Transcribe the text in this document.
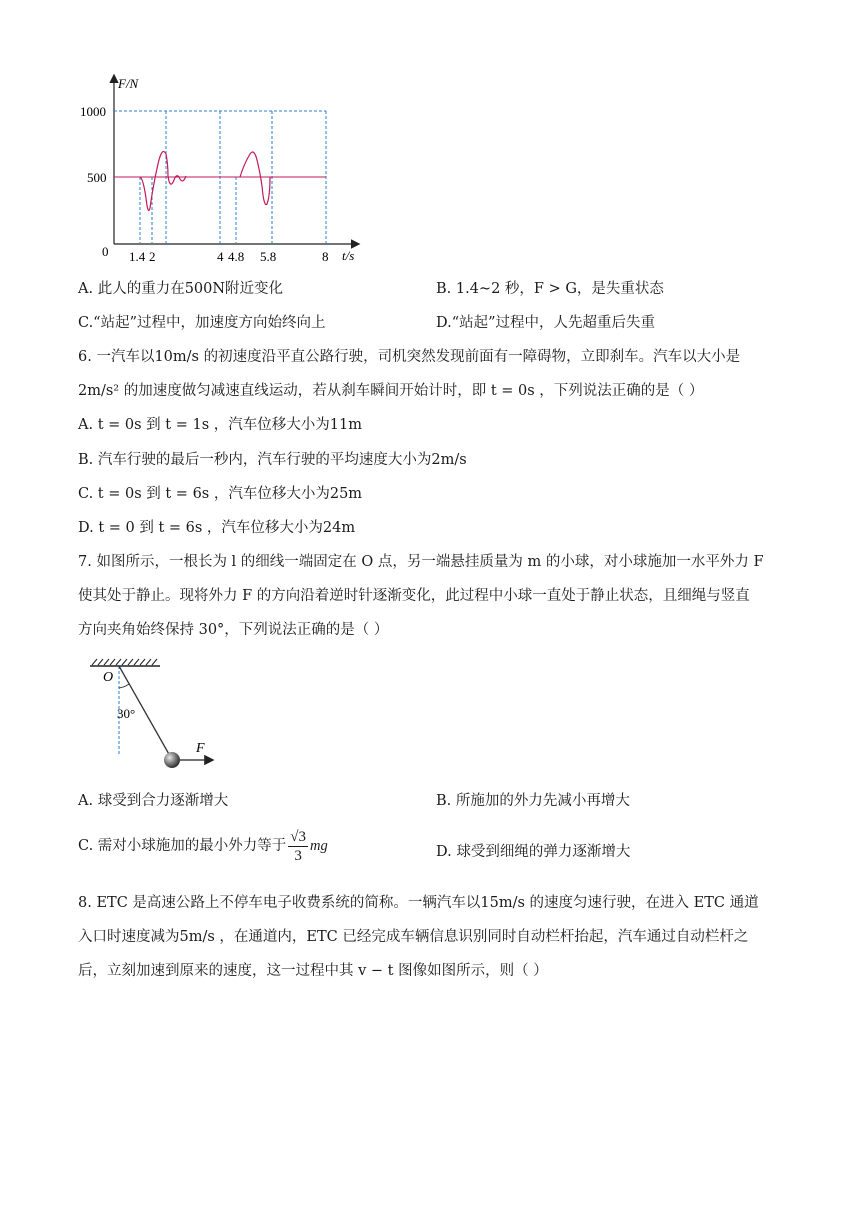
F/N
t/s
1000
500
0 1.4 2	4 4.8 5.8	8
A. 此人的重力在500N附近变化	B. 1.4~2 秒，F > G，是失重状态
C.“站起”过程中，加速度方向始终向上	D.“站起”过程中，人先超重后失重
6. 一汽车以10m/s 的初速度沿平直公路行驶，司机突然发现前面有一障碍物，立即刹车。汽车以大小是
2m/s² 的加速度做匀减速直线运动，若从刹车瞬间开始计时，即 t = 0s ，下列说法正确的是（ ）
A. t = 0s 到 t = 1s ，汽车位移大小为11m
B. 汽车行驶的最后一秒内，汽车行驶的平均速度大小为2m/s
C. t = 0s 到 t = 6s ，汽车位移大小为25m
D. t = 0 到 t = 6s ，汽车位移大小为24m
7. 如图所示，一根长为 l 的细线一端固定在 O 点，另一端悬挂质量为 m 的小球，对小球施加一水平外力 F
使其处于静止。现将外力 F 的方向沿着逆时针逐渐变化，此过程中小球一直处于静止状态，且细绳与竖直
方向夹角始终保持 30°，下列说法正确的是（ ）
O
30°
F
A. 球受到合力逐渐增大	B. 所施加的外力先减小再增大
C. 需对小球施加的最小外力等于 $\frac{√3}{3}$ mg	D. 球受到细绳的弹力逐渐增大
8. ETC 是高速公路上不停车电子收费系统的简称。一辆汽车以15m/s 的速度匀速行驶，在进入 ETC 通道
入口时速度减为5m/s ，在通道内，ETC 已经完成车辆信息识别同时自动栏杆抬起，汽车通过自动栏杆之
后，立刻加速到原来的速度，这一过程中其 v − t 图像如图所示，则（ ）
